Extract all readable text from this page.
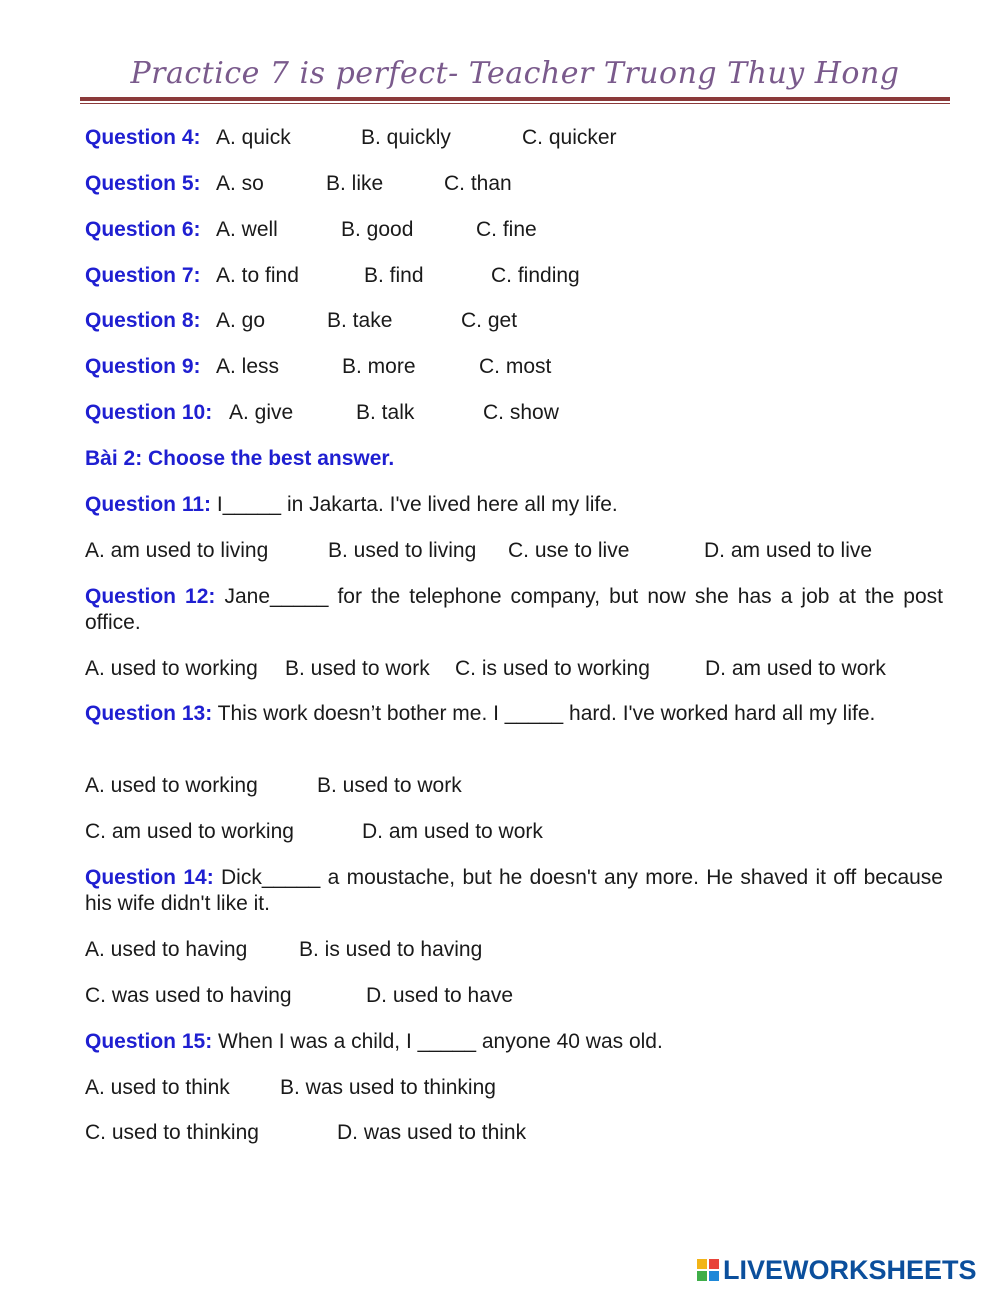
Practice 7 is perfect- Teacher Truong Thuy Hong
Question 4: A. quick	B. quickly	C. quicker
Question 5: A. so	B. like	C. than
Question 6: A. well	B. good	C. fine
Question 7: A. to find	B. find	C. finding
Question 8: A. go	B. take	C. get
Question 9: A. less	B. more	C. most
Question 10: A. give	B. talk	C. show
Bài 2: Choose the best answer.
Question 11: I_____ in Jakarta. I've lived here all my life.
A. am used to living	B. used to living C. use to live	D. am used to live
Question 12: Jane_____ for the telephone company, but now she has a job at the post office.
A. used to working B. used to work C. is used to working	D. am used to work
Question 13: This work doesn’t bother me. I _____ hard. I've worked hard all my life.
A. used to working	B. used to work
C. am used to working	D. am used to work
Question 14: Dick_____ a moustache, but he doesn't any more. He shaved it off because his wife didn't like it.
A. used to having B. is used to having
C. was used to having	D. used to have
Question 15: When I was a child, I _____ anyone 40 was old.
A. used to think B. was used to thinking
C. used to thinking	D. was used to think
LIVEWORKSHEETS
